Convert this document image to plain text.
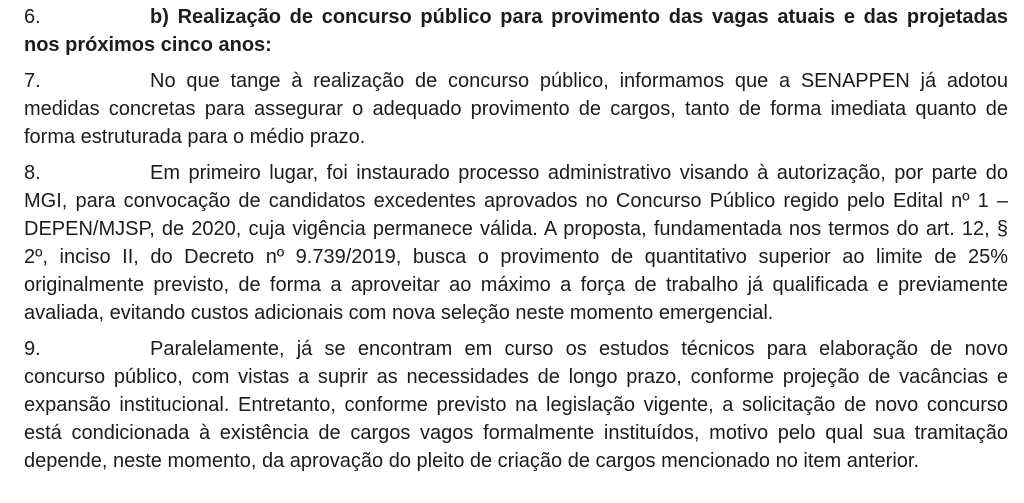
6.	b) Realização de concurso público para provimento das vagas atuais e das projetadas nos próximos cinco anos:

7.	No que tange à realização de concurso público, informamos que a SENAPPEN já adotou medidas concretas para assegurar o adequado provimento de cargos, tanto de forma imediata quanto de forma estruturada para o médio prazo.

8.	Em primeiro lugar, foi instaurado processo administrativo visando à autorização, por parte do MGI, para convocação de candidatos excedentes aprovados no Concurso Público regido pelo Edital nº 1 – DEPEN/MJSP, de 2020, cuja vigência permanece válida. A proposta, fundamentada nos termos do art. 12, § 2º, inciso II, do Decreto nº 9.739/2019, busca o provimento de quantitativo superior ao limite de 25% originalmente previsto, de forma a aproveitar ao máximo a força de trabalho já qualificada e previamente avaliada, evitando custos adicionais com nova seleção neste momento emergencial.

9.	Paralelamente, já se encontram em curso os estudos técnicos para elaboração de novo concurso público, com vistas a suprir as necessidades de longo prazo, conforme projeção de vacâncias e expansão institucional. Entretanto, conforme previsto na legislação vigente, a solicitação de novo concurso está condicionada à existência de cargos vagos formalmente instituídos, motivo pelo qual sua tramitação depende, neste momento, da aprovação do pleito de criação de cargos mencionado no item anterior.
